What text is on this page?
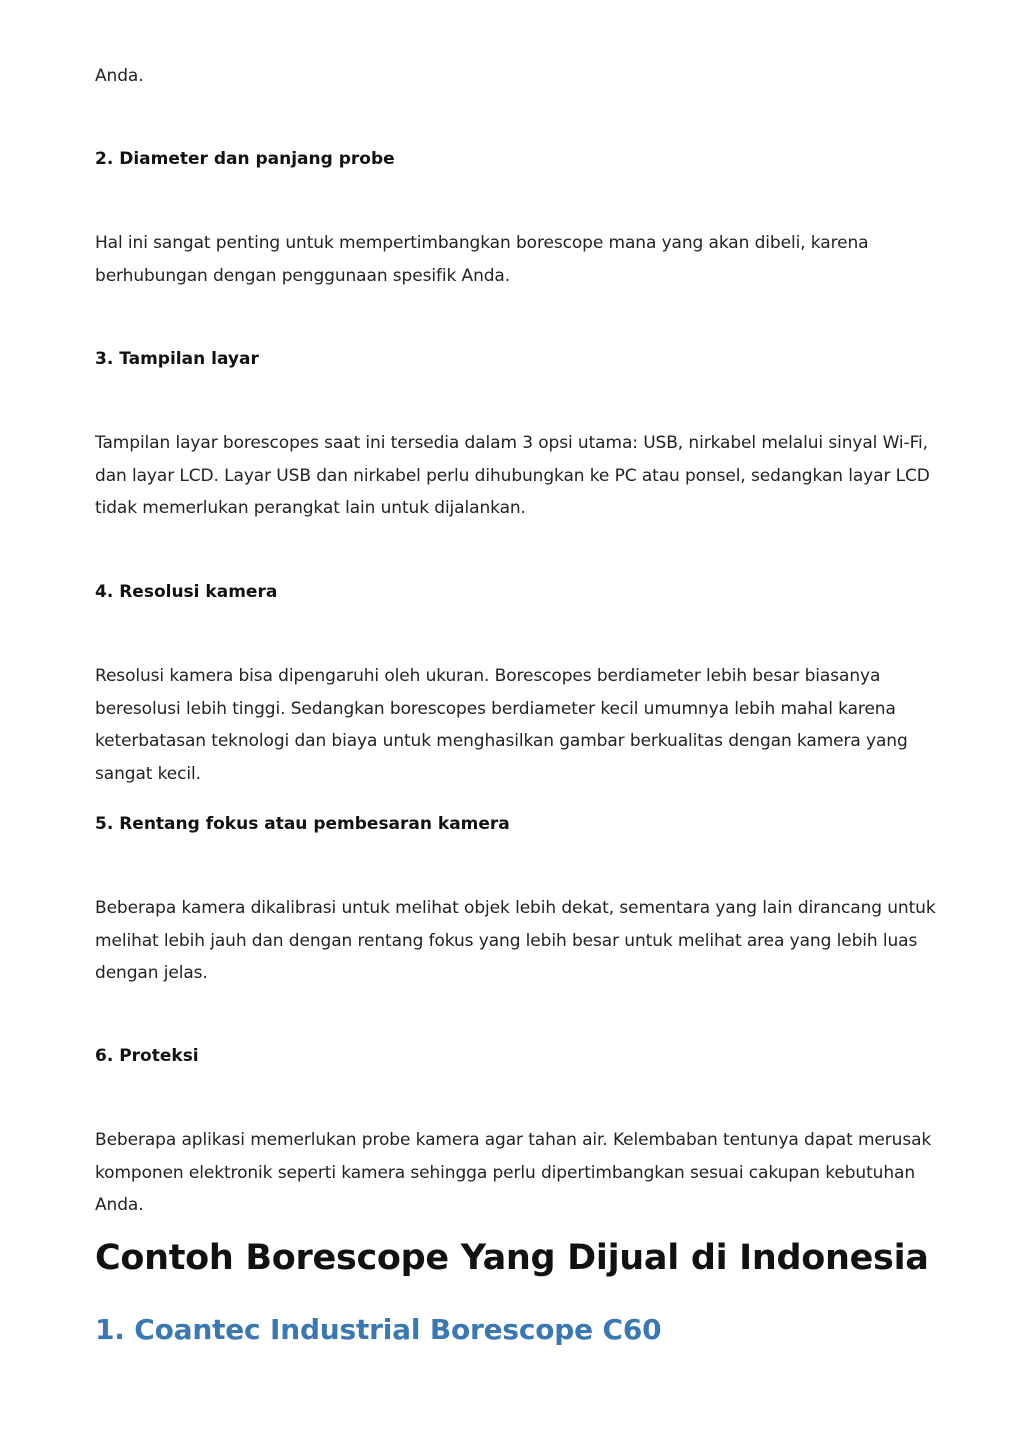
Anda.
2. Diameter dan panjang probe
Hal ini sangat penting untuk mempertimbangkan borescope mana yang akan dibeli, karena berhubungan dengan penggunaan spesifik Anda.
3. Tampilan layar
Tampilan layar borescopes saat ini tersedia dalam 3 opsi utama: USB, nirkabel melalui sinyal Wi-Fi, dan layar LCD. Layar USB dan nirkabel perlu dihubungkan ke PC atau ponsel, sedangkan layar LCD tidak memerlukan perangkat lain untuk dijalankan.
4. Resolusi kamera
Resolusi kamera bisa dipengaruhi oleh ukuran. Borescopes berdiameter lebih besar biasanya beresolusi lebih tinggi. Sedangkan borescopes berdiameter kecil umumnya lebih mahal karena keterbatasan teknologi dan biaya untuk menghasilkan gambar berkualitas dengan kamera yang sangat kecil.
5. Rentang fokus atau pembesaran kamera
Beberapa kamera dikalibrasi untuk melihat objek lebih dekat, sementara yang lain dirancang untuk melihat lebih jauh dan dengan rentang fokus yang lebih besar untuk melihat area yang lebih luas dengan jelas.
6. Proteksi
Beberapa aplikasi memerlukan probe kamera agar tahan air. Kelembaban tentunya dapat merusak komponen elektronik seperti kamera sehingga perlu dipertimbangkan sesuai cakupan kebutuhan Anda.
Contoh Borescope Yang Dijual di Indonesia
1. Coantec Industrial Borescope C60
